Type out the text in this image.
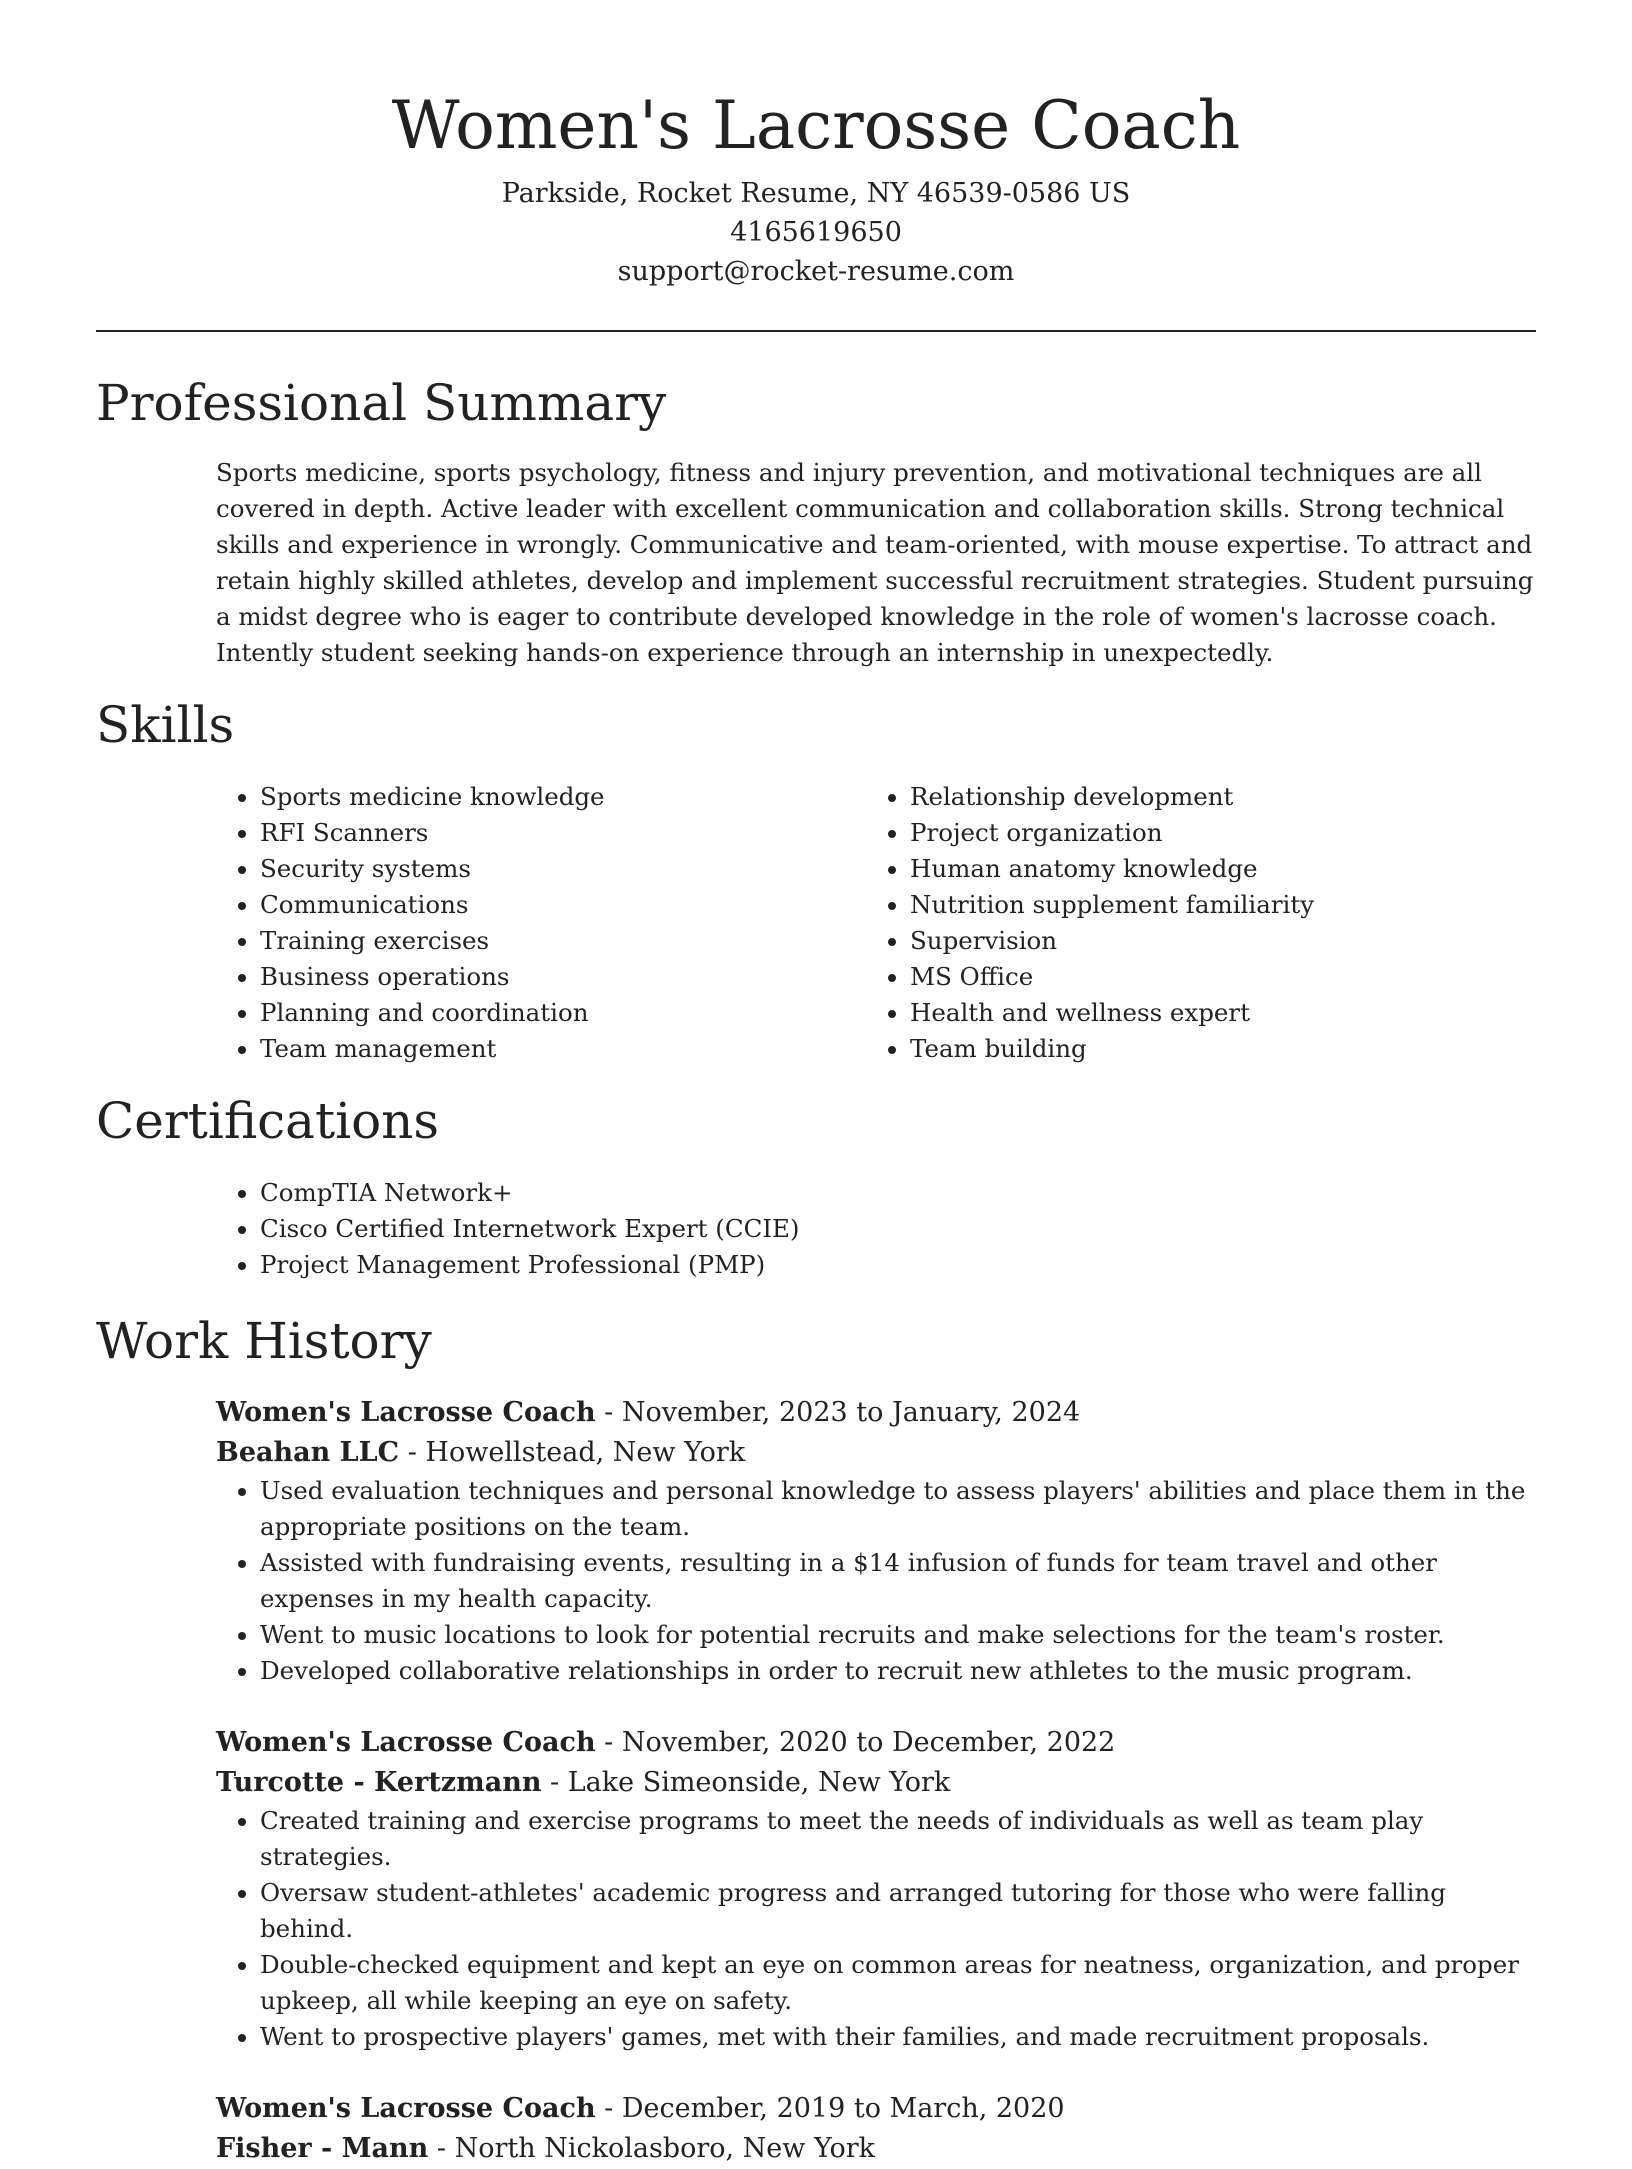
Women's Lacrosse Coach

Parkside, Rocket Resume, NY 46539-0586 US

4165619650

support@rocket-resume.com

Professional Summary

Sports medicine, sports psychology, fitness and injury prevention, and motivational techniques are all covered in depth. Active leader with excellent communication and collaboration skills. Strong technical skills and experience in wrongly. Communicative and team-oriented, with mouse expertise. To attract and retain highly skilled athletes, develop and implement successful recruitment strategies. Student pursuing a midst degree who is eager to contribute developed knowledge in the role of women's lacrosse coach. Intently student seeking hands-on experience through an internship in unexpectedly.

Skills
• Sports medicine knowledge
• RFI Scanners
• Security systems
• Communications
• Training exercises
• Business operations
• Planning and coordination
• Team management
• Relationship development
• Project organization
• Human anatomy knowledge
• Nutrition supplement familiarity
• Supervision
• MS Office
• Health and wellness expert
• Team building
Certifications
• CompTIA Network+
• Cisco Certified Internetwork Expert (CCIE)
• Project Management Professional (PMP)
Work History

Women's Lacrosse Coach - November, 2023 to January, 2024

Beahan LLC - Howellstead, New York

• Used evaluation techniques and personal knowledge to assess players' abilities and place them in the appropriate positions on the team.
• Assisted with fundraising events, resulting in a $14 infusion of funds for team travel and other expenses in my health capacity.
• Went to music locations to look for potential recruits and make selections for the team's roster.
• Developed collaborative relationships in order to recruit new athletes to the music program.

Women's Lacrosse Coach - November, 2020 to December, 2022

Turcotte - Kertzmann - Lake Simeonside, New York

• Created training and exercise programs to meet the needs of individuals as well as team play strategies.
• Oversaw student-athletes' academic progress and arranged tutoring for those who were falling behind.
• Double-checked equipment and kept an eye on common areas for neatness, organization, and proper upkeep, all while keeping an eye on safety.
• Went to prospective players' games, met with their families, and made recruitment proposals.

Women's Lacrosse Coach - December, 2019 to March, 2020

Fisher - Mann - North Nickolasboro, New York
